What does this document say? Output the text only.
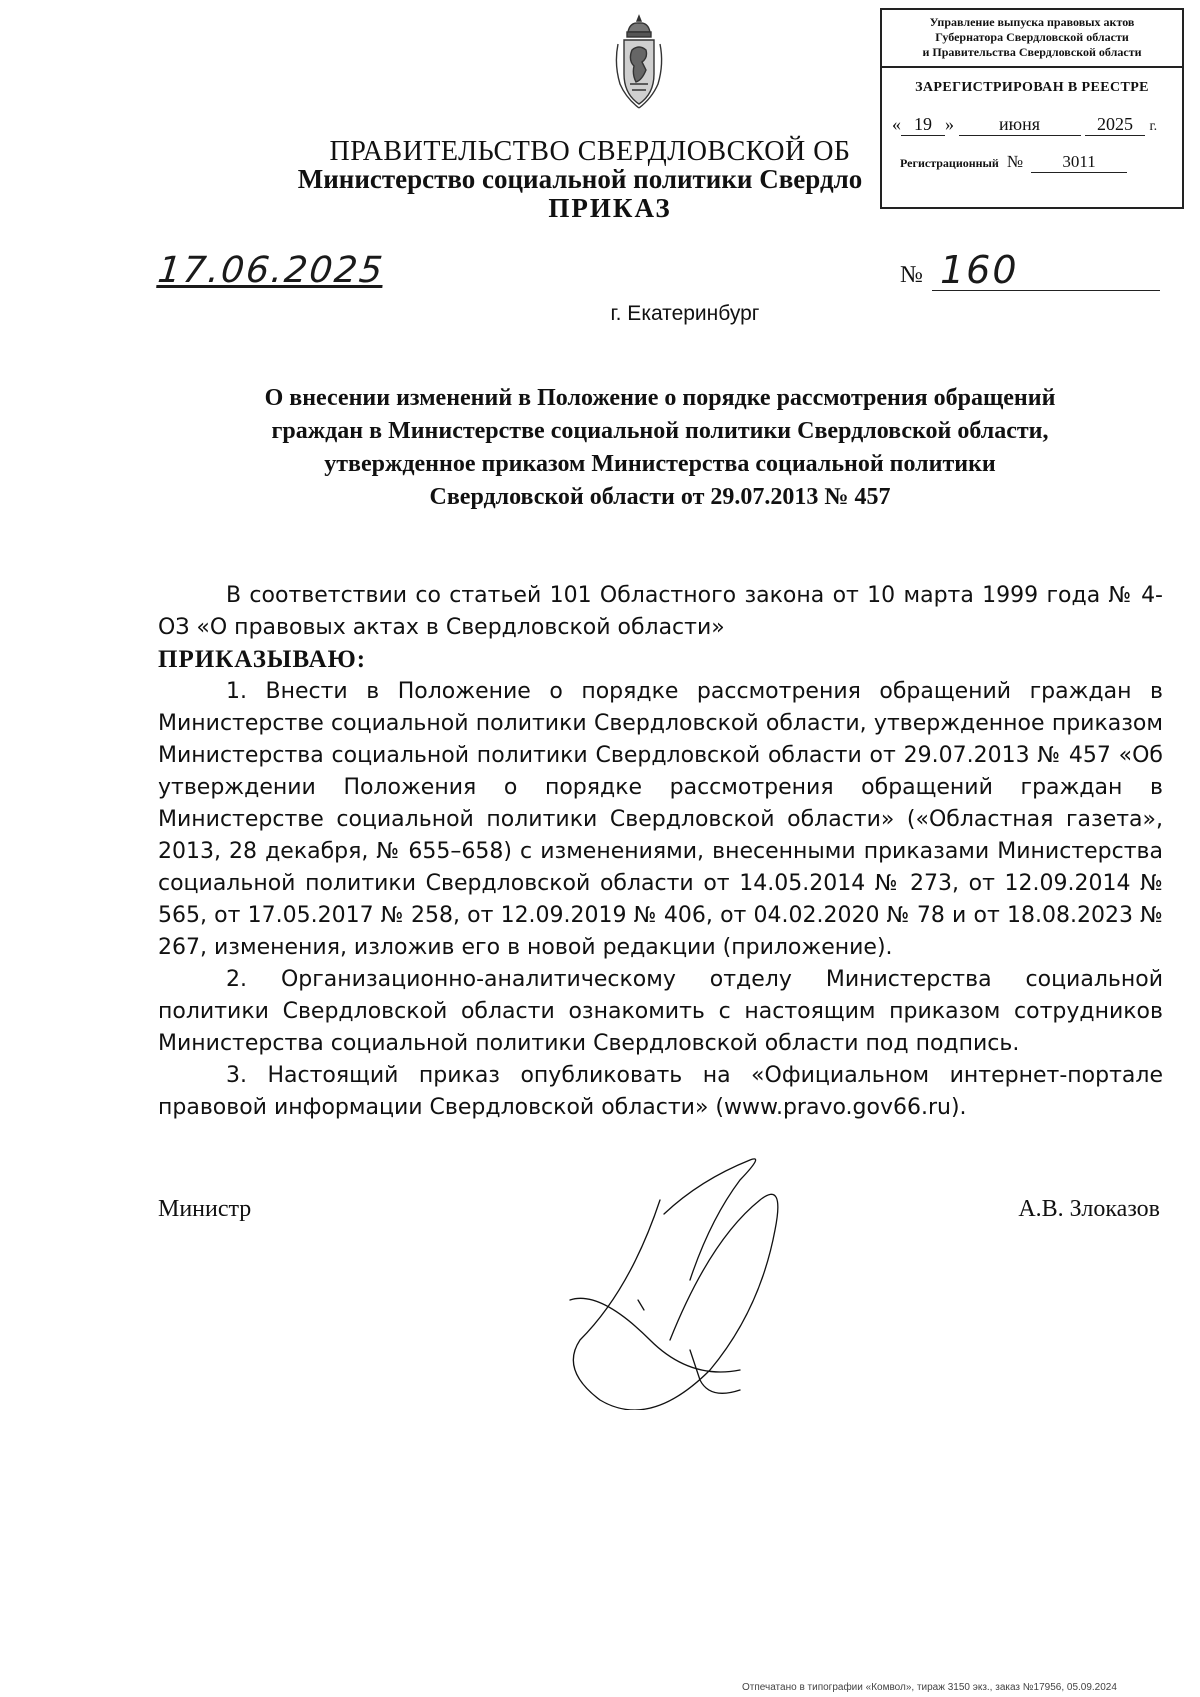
ПРАВИТЕЛЬСТВО СВЕРДЛОВСКОЙ ОБ
Министерство социальной политики Свердло
ПРИКАЗ
Управление выпуска правовых актов
Губернатора Свердловской области
и Правительства Свердловской области
ЗАРЕГИСТРИРОВАН В РЕЕСТРЕ
« 19 »	июня	2025 г.
Регистрационный № 3011
17.06.2025	№ 160
г. Екатеринбург
О внесении изменений в Положение о порядке рассмотрения обращений
граждан в Министерстве социальной политики Свердловской области,
утвержденное приказом Министерства социальной политики
Свердловской области от 29.07.2013 № 457

В соответствии со статьей 101 Областного закона от 10 марта 1999 года № 4-ОЗ «О правовых актах в Свердловской области»

ПРИКАЗЫВАЮ:

1. Внести в Положение о порядке рассмотрения обращений граждан в Министерстве социальной политики Свердловской области, утвержденное приказом Министерства социальной политики Свердловской области от 29.07.2013 № 457 «Об утверждении Положения о порядке рассмотрения обращений граждан в Министерстве социальной политики Свердловской области» («Областная газета», 2013, 28 декабря, № 655–658) с изменениями, внесенными приказами Министерства социальной политики Свердловской области от 14.05.2014 № 273, от 12.09.2014 № 565, от 17.05.2017 № 258, от 12.09.2019 № 406, от 04.02.2020 № 78 и от 18.08.2023 № 267, изменения, изложив его в новой редакции (приложение).

2. Организационно-аналитическому отделу Министерства социальной политики Свердловской области ознакомить с настоящим приказом сотрудников Министерства социальной политики Свердловской области под подпись.

3. Настоящий приказ опубликовать на «Официальном интернет-портале правовой информации Свердловской области» (www.pravo.gov66.ru).

Министр	А.В. Злоказов
Отпечатано в типографии «Комвол», тираж 3150 экз., заказ №17956, 05.09.2024
